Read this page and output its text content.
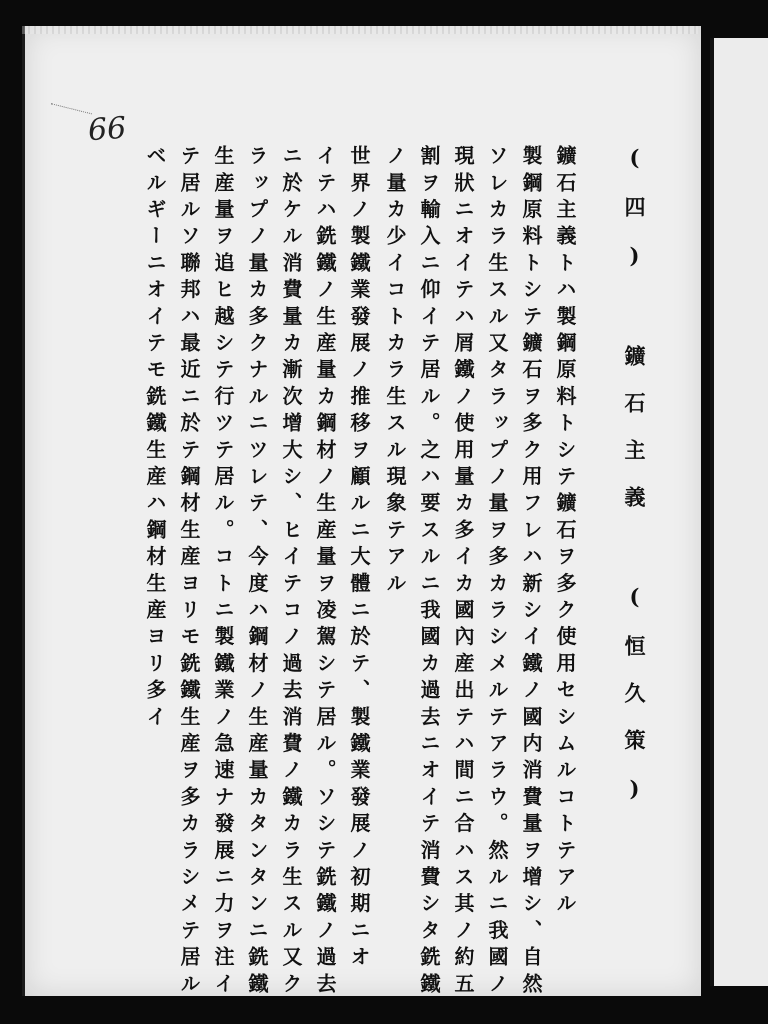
66
(四) 鑛石主義 (恒久策)
鑛石主義トハ製鋼原料トシテ鑛石ヲ多ク使用セシムルコトテアル
製鋼原料トシテ鑛石ヲ多ク用フレハ新シイ鐵ノ國内消費量ヲ增シ、自然
ソレカラ生スル又タラップノ量ヲ多カラシメルテアラウ。然ルニ我國ノ
現狀ニオイテハ屑鐵ノ使用量カ多イカ國內産出テハ間ニ合ハス其ノ約五
割ヲ輸入ニ仰イテ居ル。之ハ要スルニ我國カ過去ニオイテ消費シタ銑鐵
ノ量カ少イコトカラ生スル現象テアル
世界ノ製鐵業發展ノ推移ヲ顧ルニ大體ニ於テ、製鐵業發展ノ初期ニオ
イテハ銑鐵ノ生産量カ鋼材ノ生産量ヲ凌駕シテ居ル。ソシテ銑鐵ノ過去
ニ於ケル消費量カ漸次增大シ、ヒイテコノ過去消費ノ鐵カラ生スル又ク
ラップノ量カ多クナルニツレテ、今度ハ鋼材ノ生産量カタンタンニ銑鐵
生産量ヲ追ヒ越シテ行ツテ居ル。コトニ製鐵業ノ急速ナ發展ニ力ヲ注イ
テ居ルソ聯邦ハ最近ニ於テ鋼材生産ヨリモ銑鐵生産ヲ多カラシメテ居ル
ベルギーニオイテモ銑鐵生産ハ鋼材生産ヨリ多イ
